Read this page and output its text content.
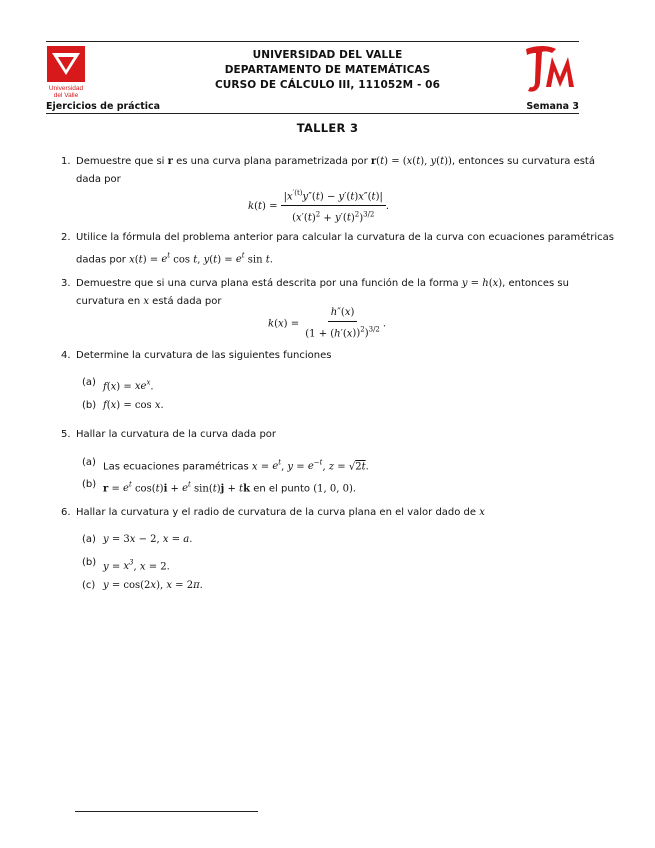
Universidad
del Valle
UNIVERSIDAD DEL VALLE
DEPARTAMENTO DE MATEMÁTICAS
CURSO DE CÁLCULO III, 111052M - 06
Ejercicios de práctica	Semana 3
TALLER 3
1. Demuestre que si r es una curva plana parametrizada por r(t) = (x(t), y(t)), entonces su curvatura está
dada por
$k(t) = \frac{|x^{'(t)}y''(t) - y'(t)x''(t)|}{(x'(t)^2 + y'(t)^2)^{3/2}}$ .
2. Utilice la fórmula del problema anterior para calcular la curvatura de la curva con ecuaciones paramétricas
dadas por $x(t) = e^t$ cos t, $y(t) = e^t$ sin t.
3. Demuestre que si una curva plana está descrita por una función de la forma y = h(x), entonces su
curvatura en x está dada por
$k(x) = \frac{h''(x)}{(1 + (h'(x))^2)^{3/2}}$ .
4. Determine la curvatura de las siguientes funciones
(a) $f(x) = xe^x$.
(b) f(x) = cos x.
5. Hallar la curvatura de la curva dada por
(a) Las ecuaciones paramétricas $x = e^t$, $y = e^{-t}$, z = √2t.
(b) $r = e^t$ $\cos(t)i + e^t$ sin(t)j + tk en el punto (1, 0, 0).
6. Hallar la curvatura y el radio de curvatura de la curva plana en el valor dado de x
(a) y = 3x − 2, x = a.
(b) $y = x^3$, x = 2.
(c) y = cos(2x), x = 2π.
